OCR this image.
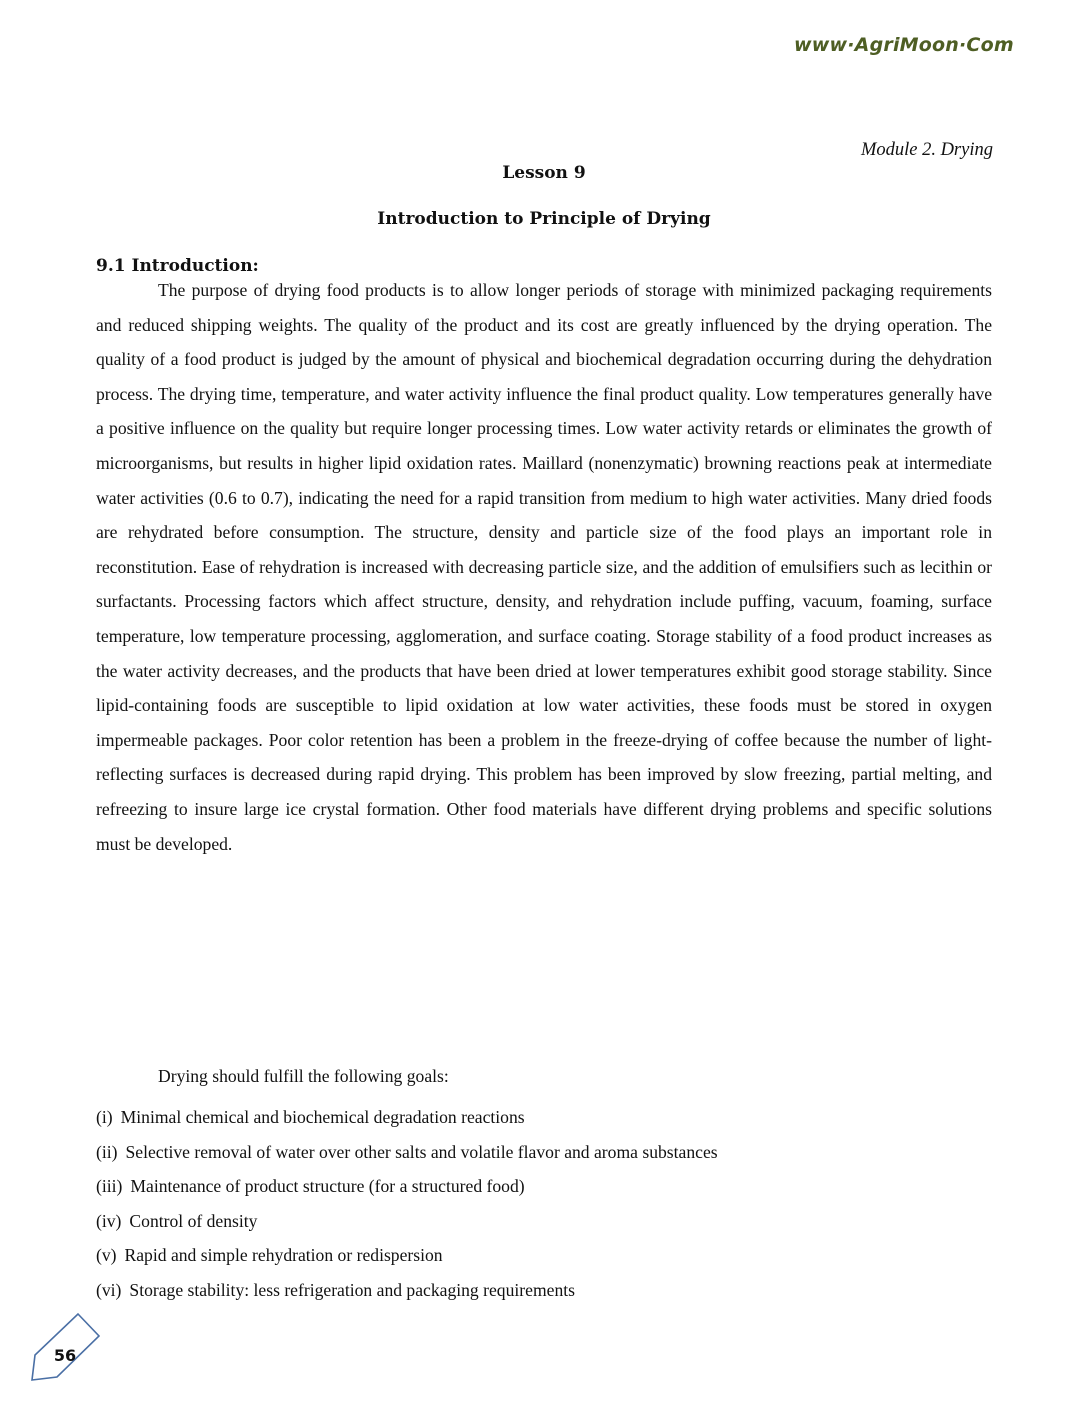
www·AgriMoon·Com
Module 2. Drying
Lesson 9
Introduction to Principle of Drying
9.1 Introduction:

The purpose of drying food products is to allow longer periods of storage with minimized packaging requirements and reduced shipping weights. The quality of the product and its cost are greatly influenced by the drying operation. The quality of a food product is judged by the amount of physical and biochemical degradation occurring during the dehydration process. The drying time, temperature, and water activity influence the final product quality. Low temperatures generally have a positive influence on the quality but require longer processing times. Low water activity retards or eliminates the growth of microorganisms, but results in higher lipid oxidation rates. Maillard (nonenzymatic) browning reactions peak at intermediate water activities (0.6 to 0.7), indicating the need for a rapid transition from medium to high water activities. Many dried foods are rehydrated before consumption. The structure, density and particle size of the food plays an important role in reconstitution. Ease of rehydration is increased with decreasing particle size, and the addition of emulsifiers such as lecithin or surfactants. Processing factors which affect structure, density, and rehydration include puffing, vacuum, foaming, surface temperature, low temperature processing, agglomeration, and surface coating. Storage stability of a food product increases as the water activity decreases, and the products that have been dried at lower temperatures exhibit good storage stability. Since lipid-containing foods are susceptible to lipid oxidation at low water activities, these foods must be stored in oxygen impermeable packages. Poor color retention has been a problem in the freeze-drying of coffee because the number of light-reflecting surfaces is decreased during rapid drying. This problem has been improved by slow freezing, partial melting, and refreezing to insure large ice crystal formation. Other food materials have different drying problems and specific solutions must be developed.

Drying should fulfill the following goals:
(i) Minimal chemical and biochemical degradation reactions
(ii) Selective removal of water over other salts and volatile flavor and aroma substances
(iii) Maintenance of product structure (for a structured food)
(iv) Control of density
(v) Rapid and simple rehydration or redispersion
(vi) Storage stability: less refrigeration and packaging requirements
56
